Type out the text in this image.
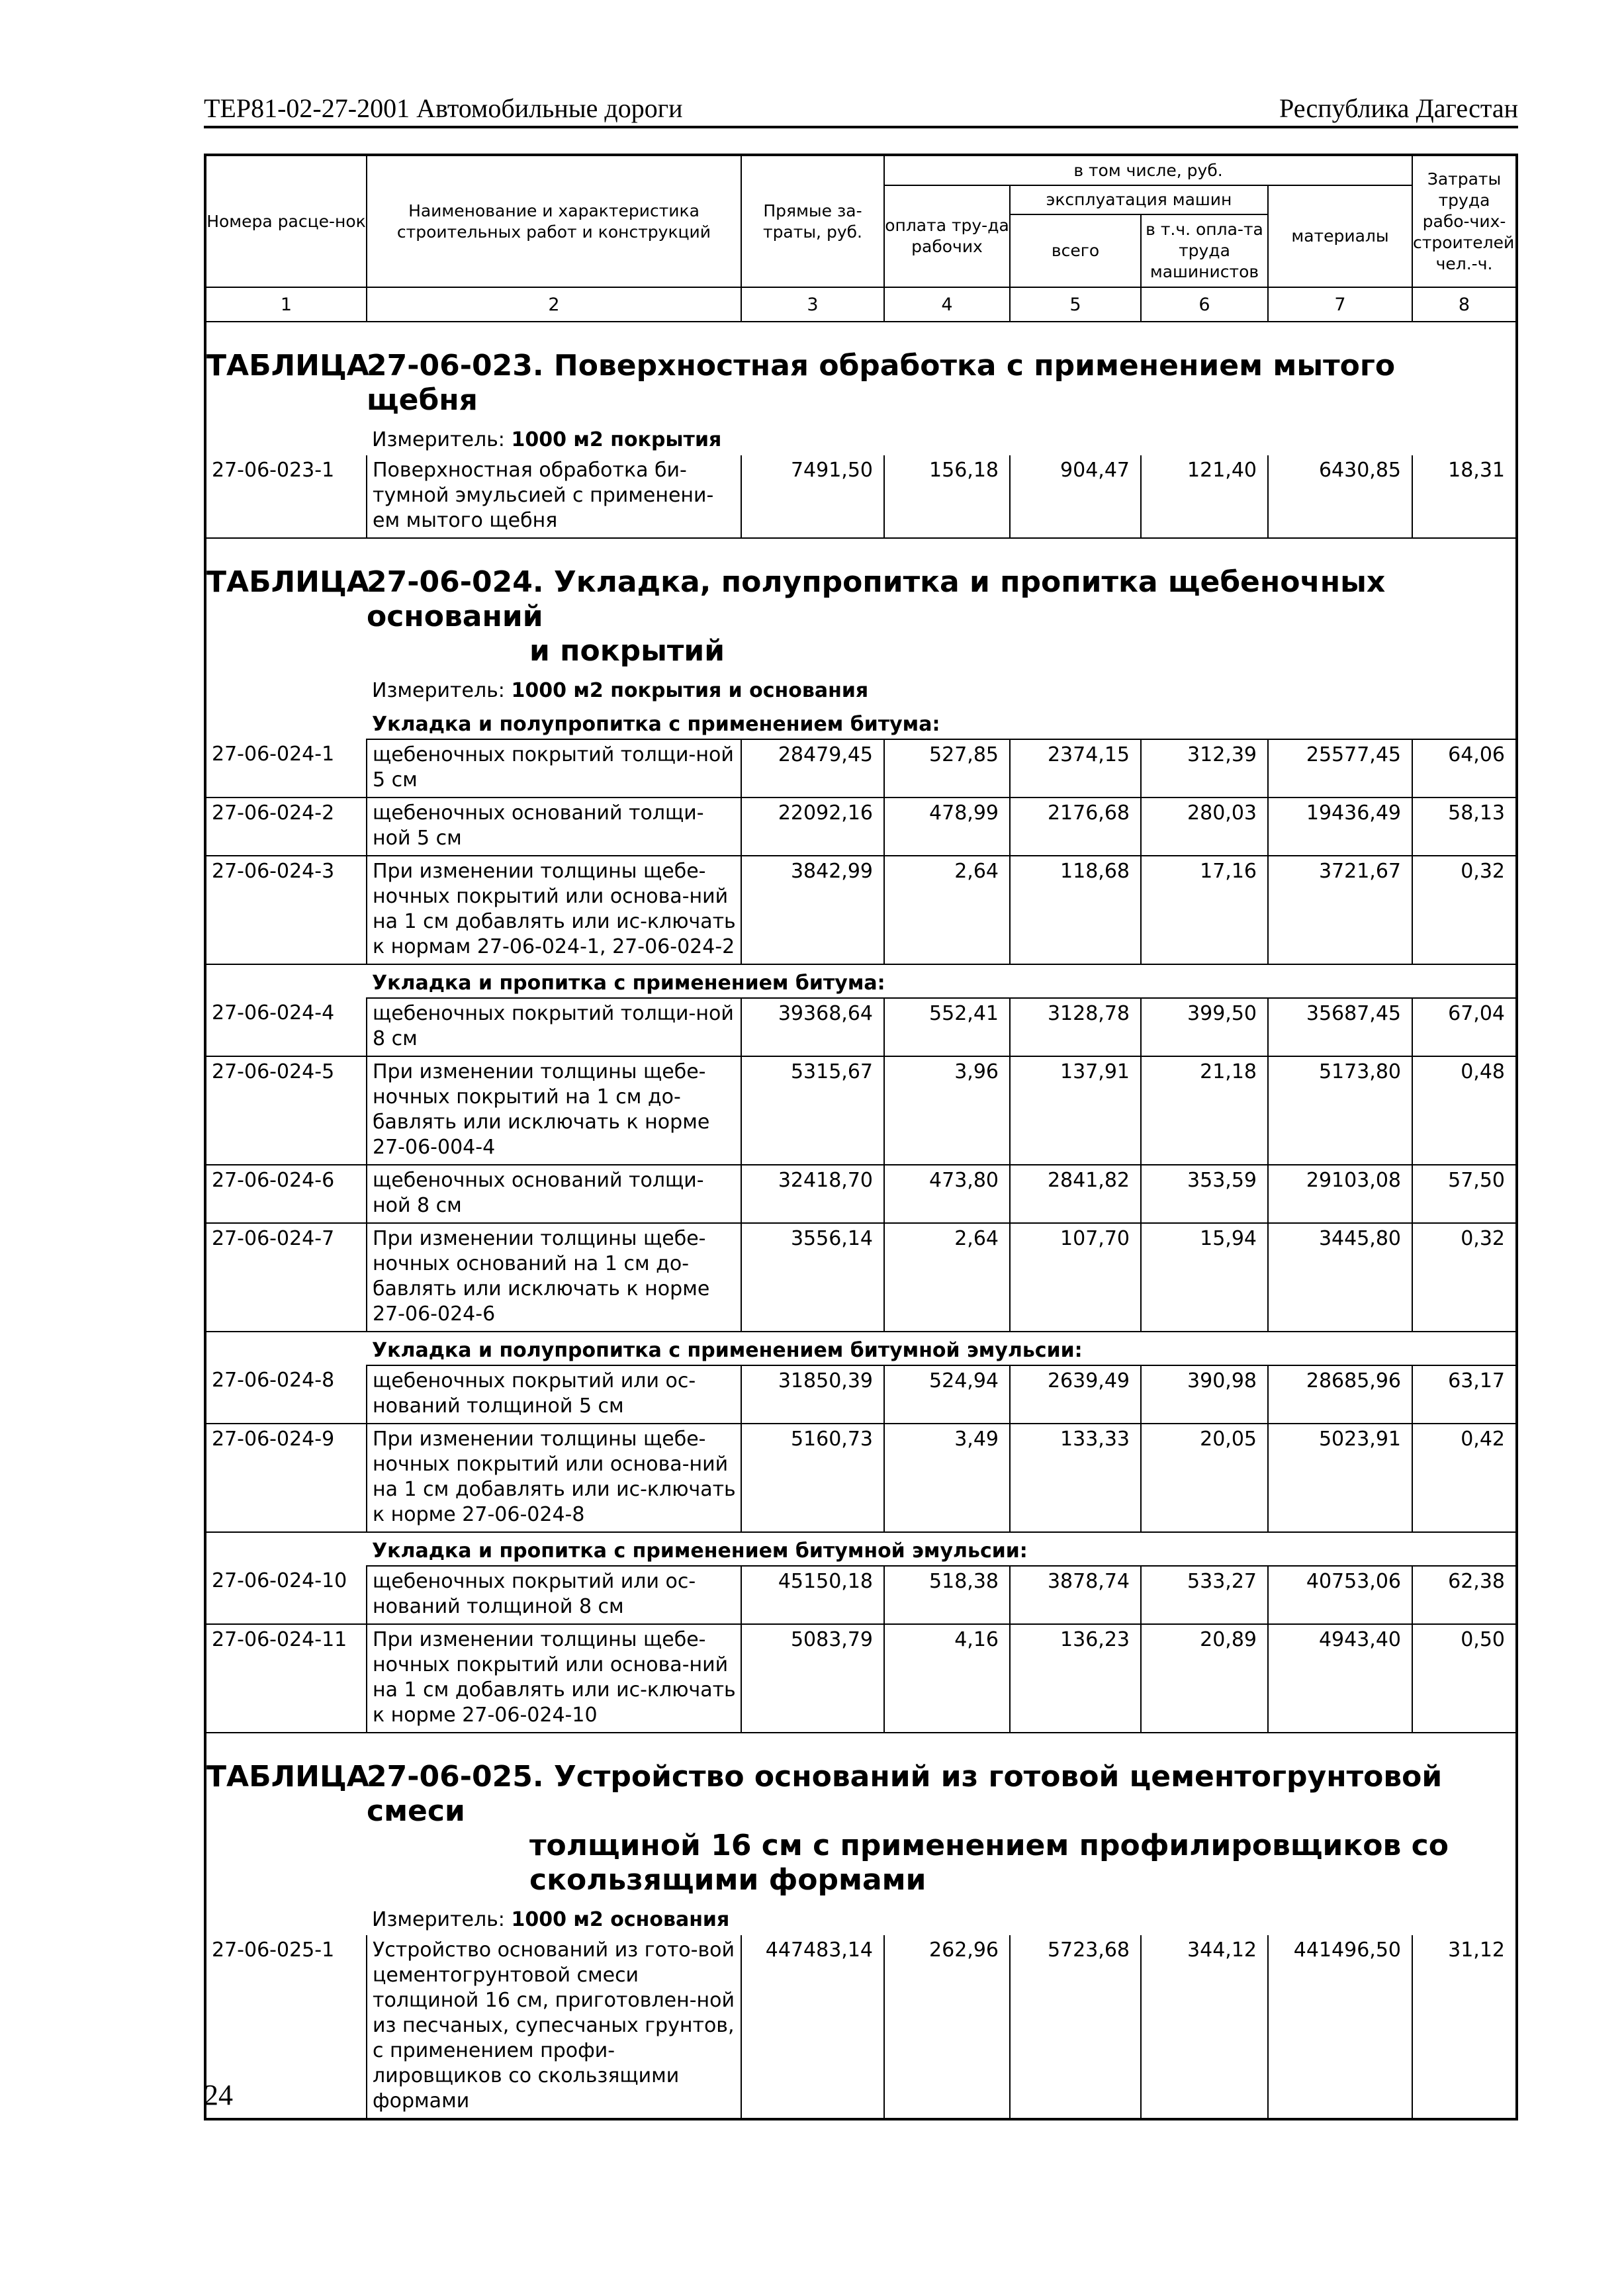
ТЕР81-02-27-2001 Автомобильные дороги	Республика Дагестан
Номера расце-нок	Наименование и характеристика строительных работ и конструкций	Прямые за-траты, руб.	в том числе, руб.				Затраты труда рабо-чих-строителей, чел.-ч.
			оплата тру-да рабочих	эксплуатация машин		материалы	
				всего	в т.ч. опла-та труда машинистов		
1	2	3	4	5	6	7	8
ТАБЛИЦА	27-06-023. Поверхностная обработка с применением мытого щебня						
	Измеритель: 1000 м2 покрытия						
27-06-023-1	Поверхностная обработка би-тумной эмульсией с применени-ем мытого щебня	7491,50	156,18	904,47	121,40	6430,85	18,31
ТАБЛИЦА	27-06-024. Укладка, полупропитка и пропитка щебеночных оснований
и покрытий						

	Измеритель: 1000 м2 покрытия и основания						
	Укладка и полупропитка с применением битума:						
27-06-024-1	щебеночных покрытий толщи-ной 5 см	28479,45	527,85	2374,15	312,39	25577,45	64,06
27-06-024-2	щебеночных оснований толщи-ной 5 см	22092,16	478,99	2176,68	280,03	19436,49	58,13
27-06-024-3	При изменении толщины щебе-ночных покрытий или основа-ний на 1 см добавлять или ис-ключать к нормам 27-06-024-1, 27-06-024-2	3842,99	2,64	118,68	17,16	3721,67	0,32
	Укладка и пропитка с применением битума:						
27-06-024-4	щебеночных покрытий толщи-ной 8 см	39368,64	552,41	3128,78	399,50	35687,45	67,04
27-06-024-5	При изменении толщины щебе-ночных покрытий на 1 см до-бавлять или исключать к норме 27-06-004-4	5315,67	3,96	137,91	21,18	5173,80	0,48
27-06-024-6	щебеночных оснований толщи-ной 8 см	32418,70	473,80	2841,82	353,59	29103,08	57,50
27-06-024-7	При изменении толщины щебе-ночных оснований на 1 см до-бавлять или исключать к норме 27-06-024-6	3556,14	2,64	107,70	15,94	3445,80	0,32
	Укладка и полупропитка с применением битумной эмульсии:						
27-06-024-8	щебеночных покрытий или ос-нований толщиной 5 см	31850,39	524,94	2639,49	390,98	28685,96	63,17
27-06-024-9	При изменении толщины щебе-ночных покрытий или основа-ний на 1 см добавлять или ис-ключать к норме 27-06-024-8	5160,73	3,49	133,33	20,05	5023,91	0,42
	Укладка и пропитка с применением битумной эмульсии:						
27-06-024-10	щебеночных покрытий или ос-нований толщиной 8 см	45150,18	518,38	3878,74	533,27	40753,06	62,38
27-06-024-11	При изменении толщины щебе-ночных покрытий или основа-ний на 1 см добавлять или ис-ключать к норме 27-06-024-10	5083,79	4,16	136,23	20,89	4943,40	0,50
ТАБЛИЦА	27-06-025. Устройство оснований из готовой цементогрунтовой смеси
толщиной 16 см с применением профилировщиков со
скользящими формами						

	Измеритель: 1000 м2 основания						
27-06-025-1	Устройство оснований из гото-вой цементогрунтовой смеси толщиной 16 см, приготовлен-ной из песчаных, супесчаных грунтов, с применением профи-лировщиков со скользящими формами	447483,14	262,96	5723,68	344,12	441496,50	31,12
24
